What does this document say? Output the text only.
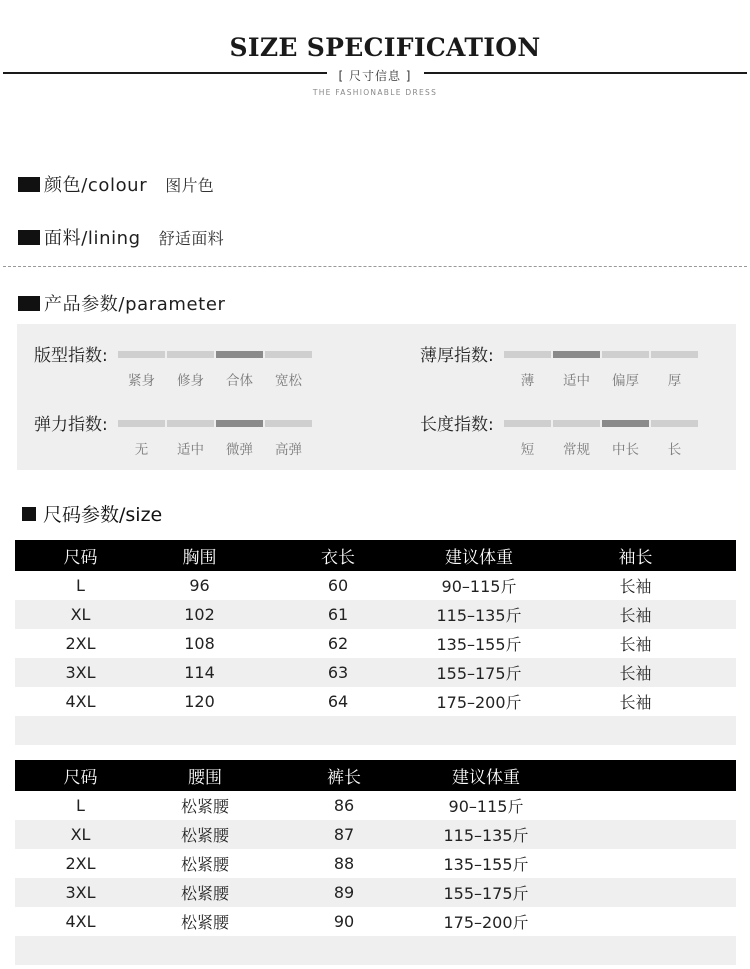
SIZE SPECIFICATION
[ 尺寸信息 ]
THE FASHIONABLE DRESS
颜色/colour 图片色
面料/lining 舒适面料
产品参数/parameter
版型指数:
紧身	修身	合体	宽松
薄厚指数:
薄	适中	偏厚	厚
弹力指数:
无	适中	微弹	高弹
长度指数:
短	常规	中长	长
尺码参数/size
尺码	胸围	衣长	建议体重	袖长
L	96	60	90–115斤	长袖
XL	102	61	115–135斤	长袖
2XL	108	62	135–155斤	长袖
3XL	114	63	155–175斤	长袖
4XL	120	64	175–200斤	长袖

尺码	腰围	裤长	建议体重	
L	松紧腰	86	90–115斤	
XL	松紧腰	87	115–135斤	
2XL	松紧腰	88	135–155斤	
3XL	松紧腰	89	155–175斤	
4XL	松紧腰	90	175–200斤	
